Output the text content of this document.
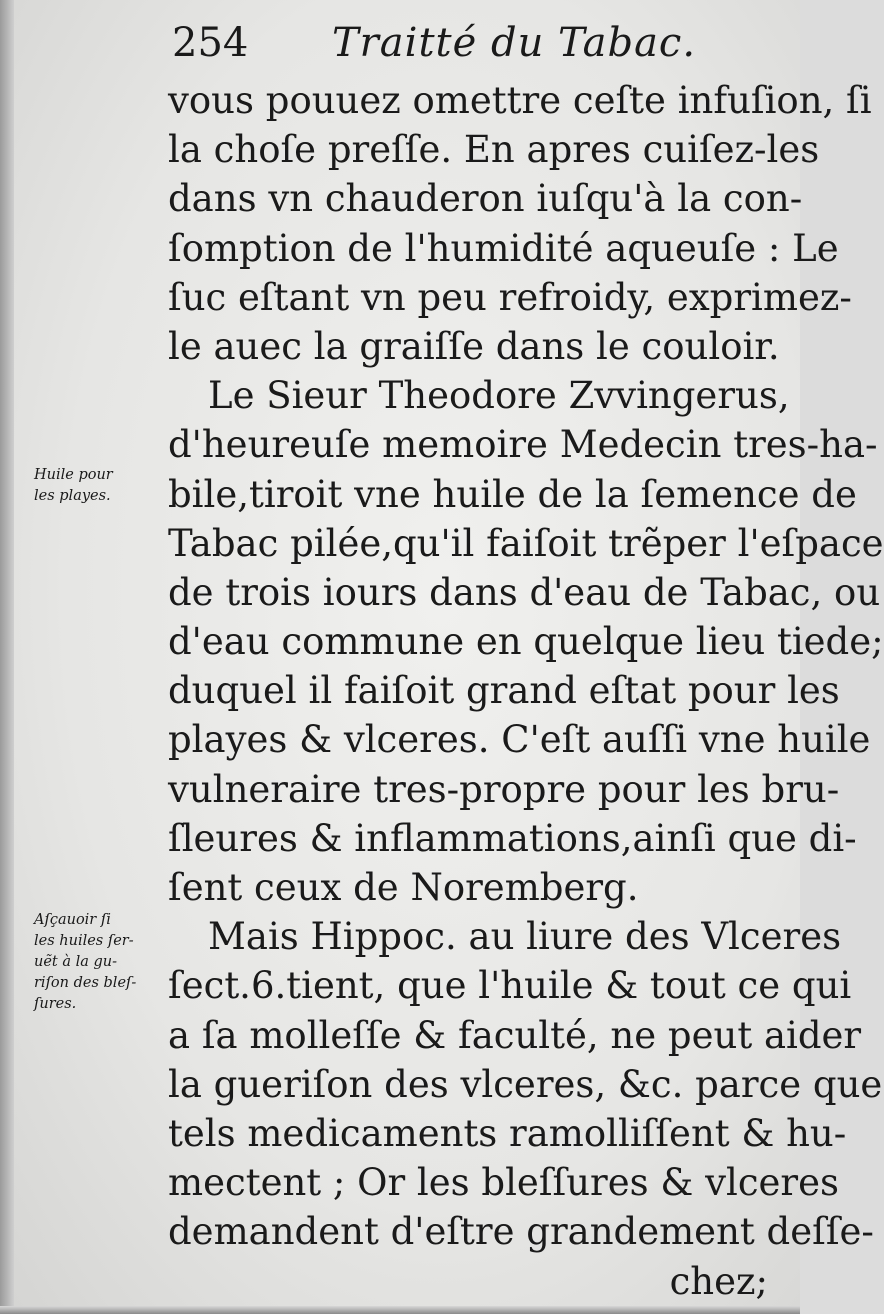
254 Traitté du Tabac.
Huile pour
les playes.
Aſçauoir ſi
les huiles ſer-
uẽt à la gu-
riſon des bleſ-
ſures.
vous pouuez omettre ceſte infuſion, ſi
la choſe preſſe. En apres cuiſez-les
dans vn chauderon iuſqu'à la con-
ſomption de l'humidité aqueuſe : Le
ſuc eſtant vn peu refroidy, exprimez-
le auec la graiſſe dans le couloir.
Le Sieur Theodore Zvvingerus,
d'heureuſe memoire Medecin tres-ha-
bile,tiroit vne huile de la ſemence de
Tabac pilée,qu'il faiſoit trẽper l'eſpace
de trois iours dans d'eau de Tabac, ou
d'eau commune en quelque lieu tiede;
duquel il faiſoit grand eſtat pour les
playes & vlceres. C'eſt auſſi vne huile
vulneraire tres-propre pour les bru-
ſleures & inflammations,ainſi que di-
ſent ceux de Noremberg.
Mais Hippoc. au liure des Vlceres
ſect.6.tient, que l'huile & tout ce qui
a ſa molleſſe & faculté, ne peut aider
la gueriſon des vlceres, &c. parce que
tels medicaments ramolliſſent & hu-
mectent ; Or les bleſſures & vlceres
demandent d'eſtre grandement deſſe-
chez;
